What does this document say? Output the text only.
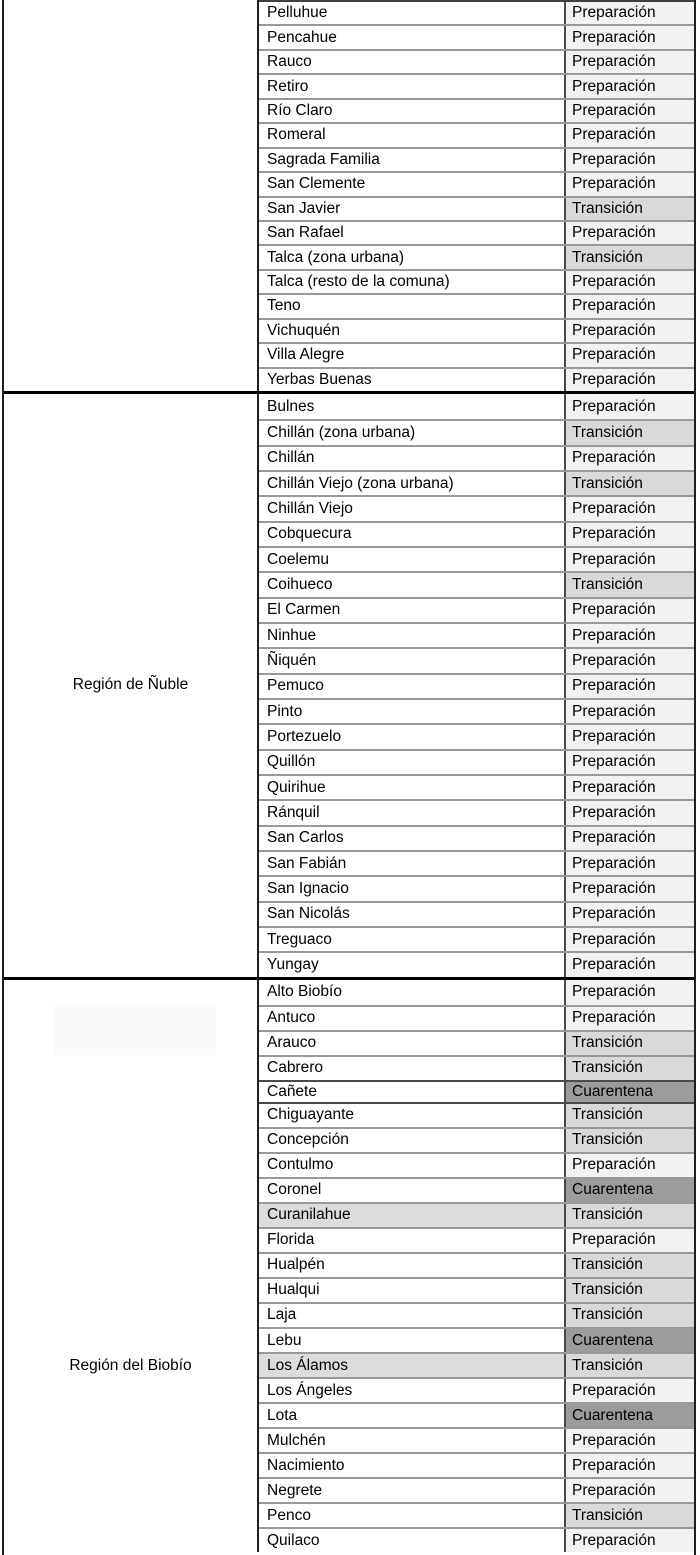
Pelluhue	Preparación
Pencahue	Preparación
Rauco	Preparación
Retiro	Preparación
Río Claro	Preparación
Romeral	Preparación
Sagrada Familia	Preparación
San Clemente	Preparación
San Javier	Transición
San Rafael	Preparación
Talca (zona urbana)	Transición
Talca (resto de la comuna)	Preparación
Teno	Preparación
Vichuquén	Preparación
Villa Alegre	Preparación
Yerbas Buenas	Preparación
Región de Ñuble
Bulnes	Preparación
Chillán (zona urbana)	Transición
Chillán	Preparación
Chillán Viejo (zona urbana)	Transición
Chillán Viejo	Preparación
Cobquecura	Preparación
Coelemu	Preparación
Coihueco	Transición
El Carmen	Preparación
Ninhue	Preparación
Ñiquén	Preparación
Pemuco	Preparación
Pinto	Preparación
Portezuelo	Preparación
Quillón	Preparación
Quirihue	Preparación
Ránquil	Preparación
San Carlos	Preparación
San Fabián	Preparación
San Ignacio	Preparación
San Nicolás	Preparación
Treguaco	Preparación
Yungay	Preparación
Región del Biobío
Alto Biobío	Preparación
Antuco	Preparación
Arauco	Transición
Cabrero	Transición
Cañete	Cuarentena
Chiguayante	Transición
Concepción	Transición
Contulmo	Preparación
Coronel	Cuarentena
Curanilahue	Transición
Florida	Preparación
Hualpén	Transición
Hualqui	Transición
Laja	Transición
Lebu	Cuarentena
Los Álamos	Transición
Los Ángeles	Preparación
Lota	Cuarentena
Mulchén	Preparación
Nacimiento	Preparación
Negrete	Preparación
Penco	Transición
Quilaco	Preparación
